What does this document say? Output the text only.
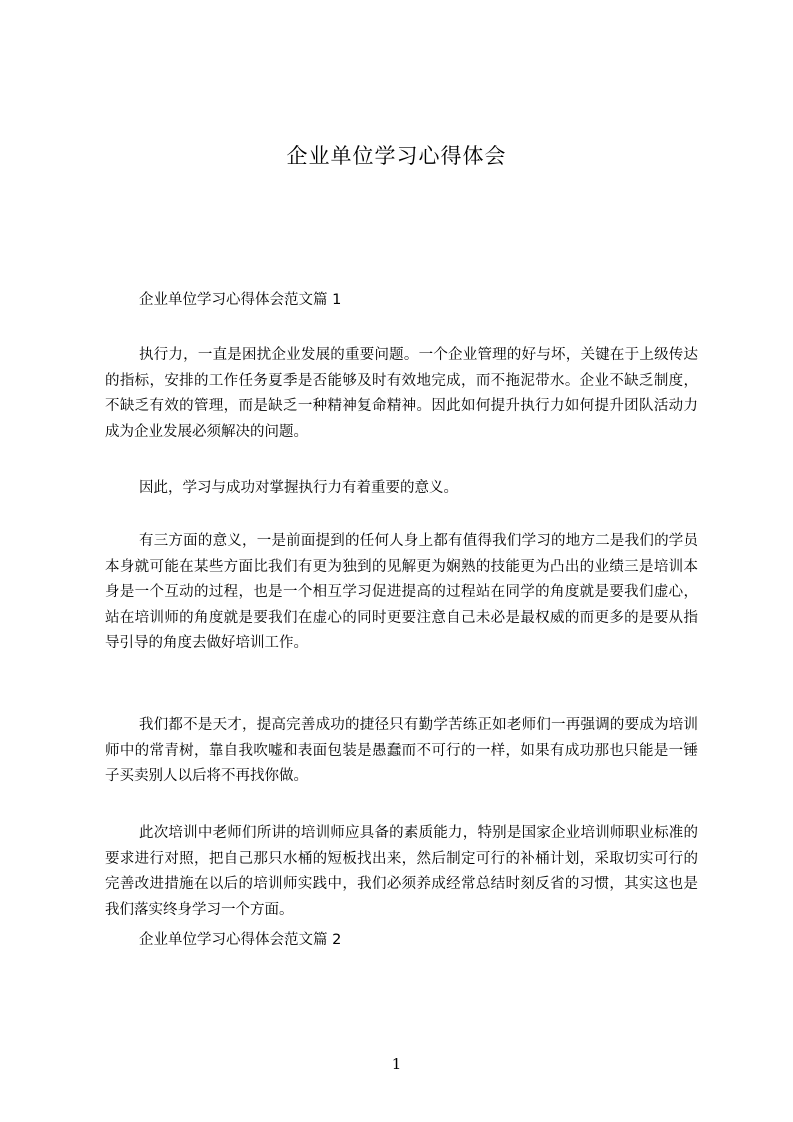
企业单位学习心得体会

企业单位学习心得体会范文篇 1

执行力，一直是困扰企业发展的重要问题。一个企业管理的好与坏，关键在于上级传达的指标，安排的工作任务夏季是否能够及时有效地完成，而不拖泥带水。企业不缺乏制度，不缺乏有效的管理，而是缺乏一种精神复命精神。因此如何提升执行力如何提升团队活动力成为企业发展必须解决的问题。

因此，学习与成功对掌握执行力有着重要的意义。

有三方面的意义，一是前面提到的任何人身上都有值得我们学习的地方二是我们的学员本身就可能在某些方面比我们有更为独到的见解更为娴熟的技能更为凸出的业绩三是培训本身是一个互动的过程，也是一个相互学习促进提高的过程站在同学的角度就是要我们虚心，站在培训师的角度就是要我们在虚心的同时更要注意自己未必是最权威的而更多的是要从指导引导的角度去做好培训工作。

我们都不是天才，提高完善成功的捷径只有勤学苦练正如老师们一再强调的要成为培训师中的常青树，靠自我吹嘘和表面包装是愚蠢而不可行的一样，如果有成功那也只能是一锤子买卖别人以后将不再找你做。

此次培训中老师们所讲的培训师应具备的素质能力，特别是国家企业培训师职业标准的要求进行对照，把自己那只水桶的短板找出来，然后制定可行的补桶计划，采取切实可行的完善改进措施在以后的培训师实践中，我们必须养成经常总结时刻反省的习惯，其实这也是我们落实终身学习一个方面。

企业单位学习心得体会范文篇 2

1
